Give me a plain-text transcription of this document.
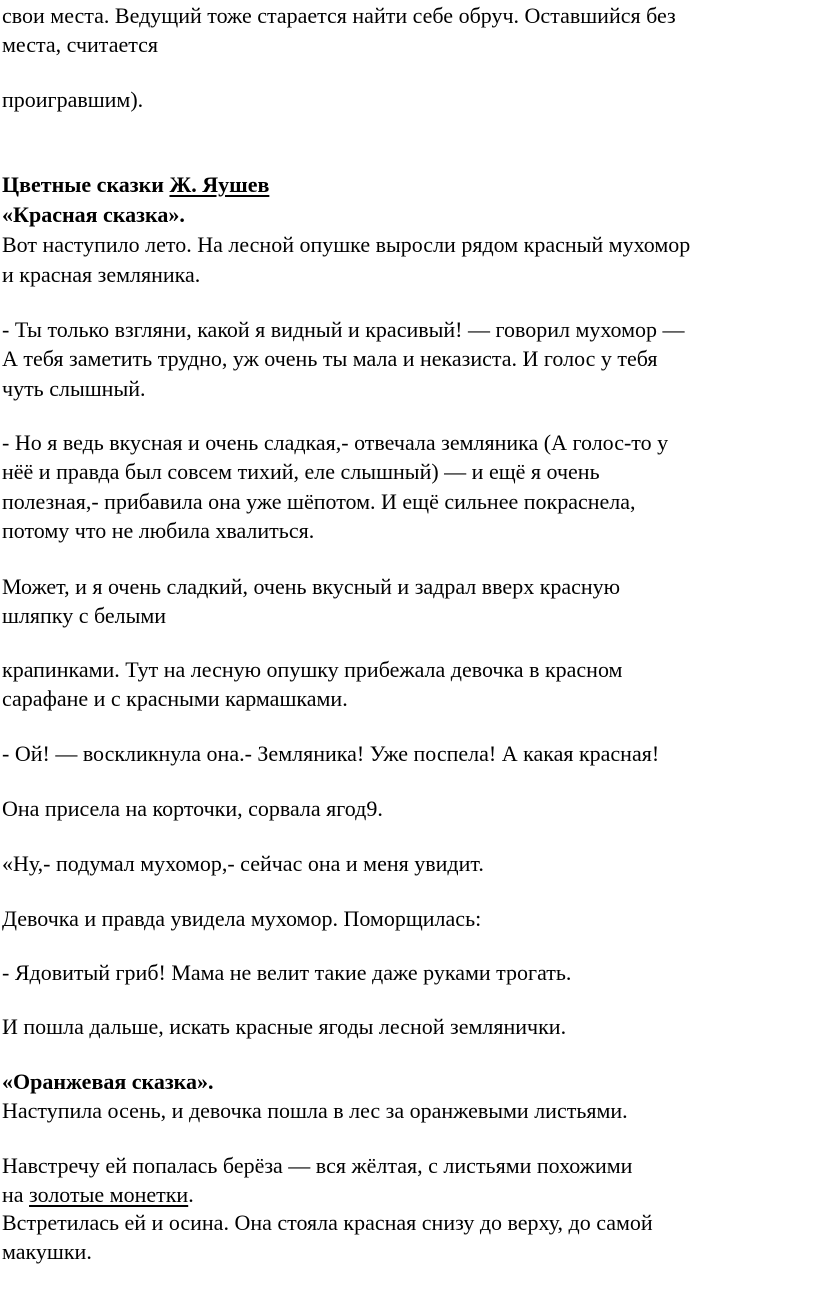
свои места. Ведущий тоже старается найти себе обруч. Оставшийся без

места, считается

проигравшим).

Цветные сказки Ж. Яушев

«Красная сказка».

Вот наступило лето. На лесной опушке выросли рядом красный мухомор

и красная земляника.

- Ты только взгляни, какой я видный и красивый! — говорил мухомор —

А тебя заметить трудно, уж очень ты мала и неказиста. И голос у тебя

чуть слышный.

- Но я ведь вкусная и очень сладкая,- отвечала земляника (А голос-то у

нёё и правда был совсем тихий, еле слышный) — и ещё я очень

полезная,- прибавила она уже шёпотом. И ещё сильнее покраснела,

потому что не любила хвалиться.

Может, и я очень сладкий, очень вкусный и задрал вверх красную

шляпку с белыми

крапинками. Тут на лесную опушку прибежала девочка в красном

сарафане и с красными кармашками.

- Ой! — воскликнула она.- Земляника! Уже поспела! А какая красная!

Она присела на корточки, сорвала ягод9.

«Ну,- подумал мухомор,- сейчас она и меня увидит.

Девочка и правда увидела мухомор. Поморщилась:

- Ядовитый гриб! Мама не велит такие даже руками трогать.

И пошла дальше, искать красные ягоды лесной землянички.

«Оранжевая сказка».

Наступила осень, и девочка пошла в лес за оранжевыми листьями.

Навстречу ей попалась берёза — вся жёлтая, с листьями похожими

на золотые монетки.

Встретилась ей и осина. Она стояла красная снизу до верху, до самой

макушки.
